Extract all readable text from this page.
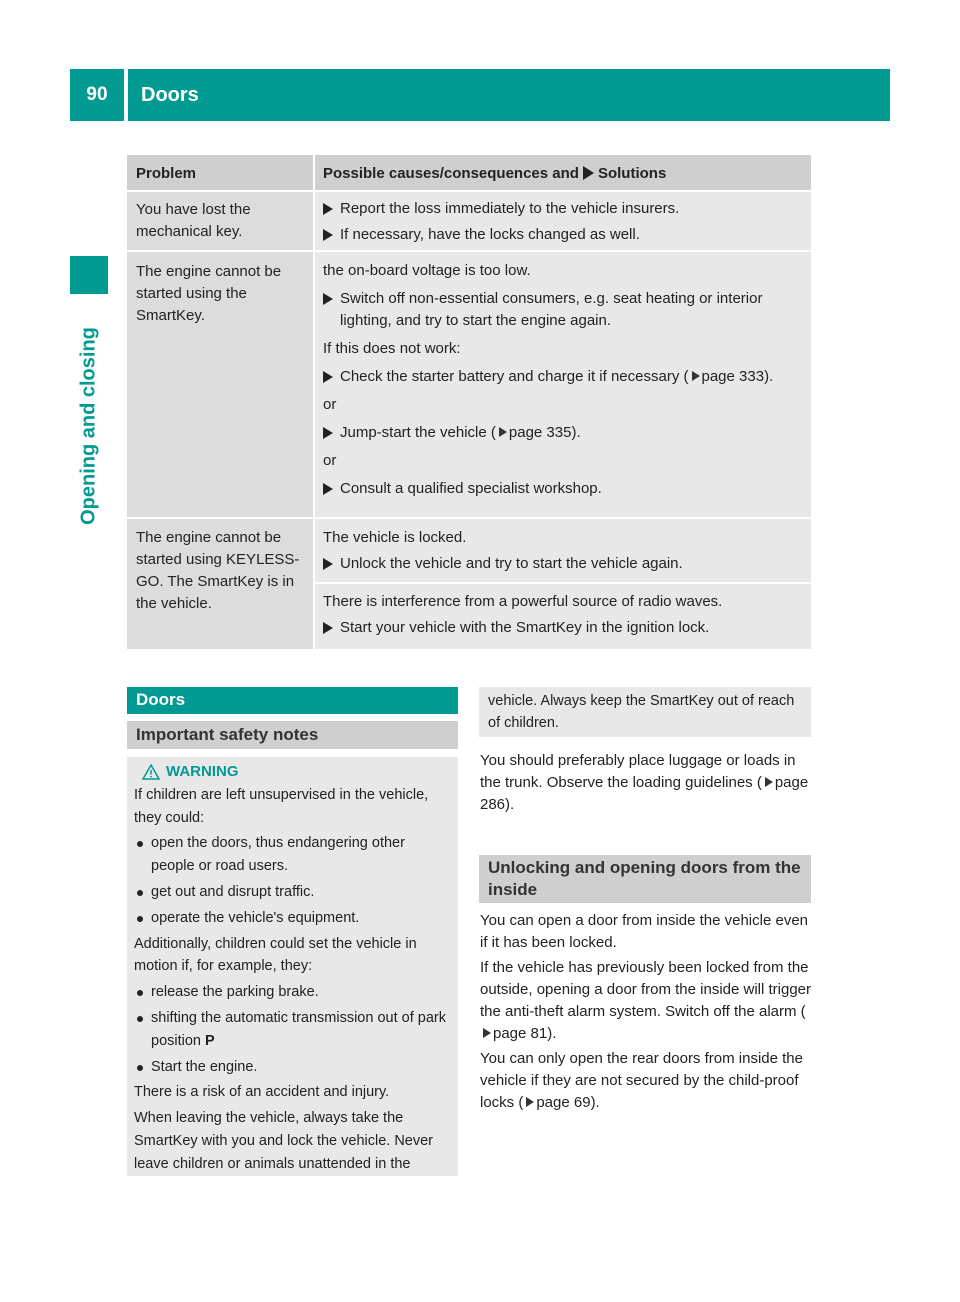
90	Doors
Opening and closing
Problem	Possible causes/consequences and Solutions
You have lost the mechanical key.
Report the loss immediately to the vehicle insurers.
If necessary, have the locks changed as well.
The engine cannot be started using the SmartKey.
the on-board voltage is too low.
Switch off non-essential consumers, e.g. seat heating or interior lighting, and try to start the engine again.
If this does not work:
Check the starter battery and charge it if necessary ( page 333).
or
Jump-start the vehicle ( page 335).
or
Consult a qualified specialist workshop.
The engine cannot be started using KEYLESS-GO. The SmartKey is in the vehicle.
The vehicle is locked.
Unlock the vehicle and try to start the vehicle again.
There is interference from a powerful source of radio waves.
Start your vehicle with the SmartKey in the ignition lock.
Doors
Important safety notes
WARNING
If children are left unsupervised in the vehicle, they could:
open the doors, thus endangering other people or road users.
get out and disrupt traffic.
operate the vehicle's equipment.
Additionally, children could set the vehicle in motion if, for example, they:
release the parking brake.
shifting the automatic transmission out of park position P
Start the engine.
There is a risk of an accident and injury.
When leaving the vehicle, always take the SmartKey with you and lock the vehicle. Never leave children or animals unattended in the
vehicle. Always keep the SmartKey out of reach of children.
You should preferably place luggage or loads in the trunk. Observe the loading guidelines ( page 286).
Unlocking and opening doors from the inside
You can open a door from inside the vehicle even if it has been locked.
If the vehicle has previously been locked from the outside, opening a door from the inside will trigger the anti-theft alarm system. Switch off the alarm (page 81).
You can only open the rear doors from inside the vehicle if they are not secured by the child-proof locks ( page 69).
